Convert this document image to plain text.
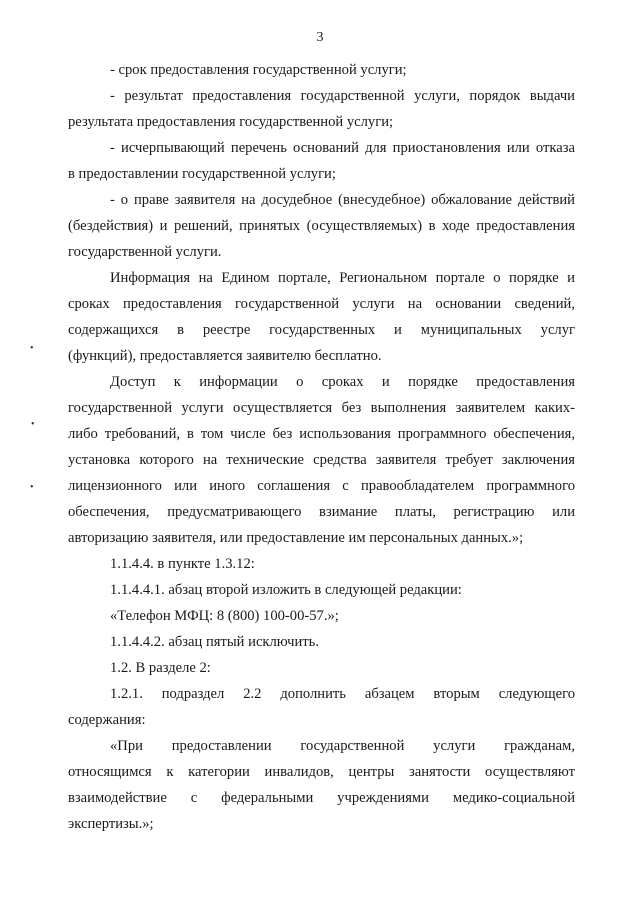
3
- срок предоставления государственной услуги;
- результат предоставления государственной услуги, порядок выдачи
результата предоставления государственной услуги;
- исчерпывающий перечень оснований для приостановления или отказа
в предоставлении государственной услуги;
- о праве заявителя на досудебное (внесудебное) обжалование действий
(бездействия) и решений, принятых (осуществляемых) в ходе предоставления
государственной услуги.
Информация на Едином портале, Региональном портале о порядке и
сроках предоставления государственной услуги на основании сведений,
содержащихся в реестре государственных и муниципальных услуг
(функций), предоставляется заявителю бесплатно.
Доступ к информации о сроках и порядке предоставления
государственной услуги осуществляется без выполнения заявителем каких-
либо требований, в том числе без использования программного обеспечения,
установка которого на технические средства заявителя требует заключения
лицензионного или иного соглашения с правообладателем программного
обеспечения, предусматривающего взимание платы, регистрацию или
авторизацию заявителя, или предоставление им персональных данных.»;
1.1.4.4. в пункте 1.3.12:
1.1.4.4.1. абзац второй изложить в следующей редакции:
«Телефон МФЦ: 8 (800) 100-00-57.»;
1.1.4.4.2. абзац пятый исключить.
1.2. В разделе 2:
1.2.1. подраздел 2.2 дополнить абзацем вторым следующего
содержания:
«При предоставлении государственной услуги гражданам,
относящимся к категории инвалидов, центры занятости осуществляют
взаимодействие с федеральными учреждениями медико-социальной
экспертизы.»;
•
•
•
